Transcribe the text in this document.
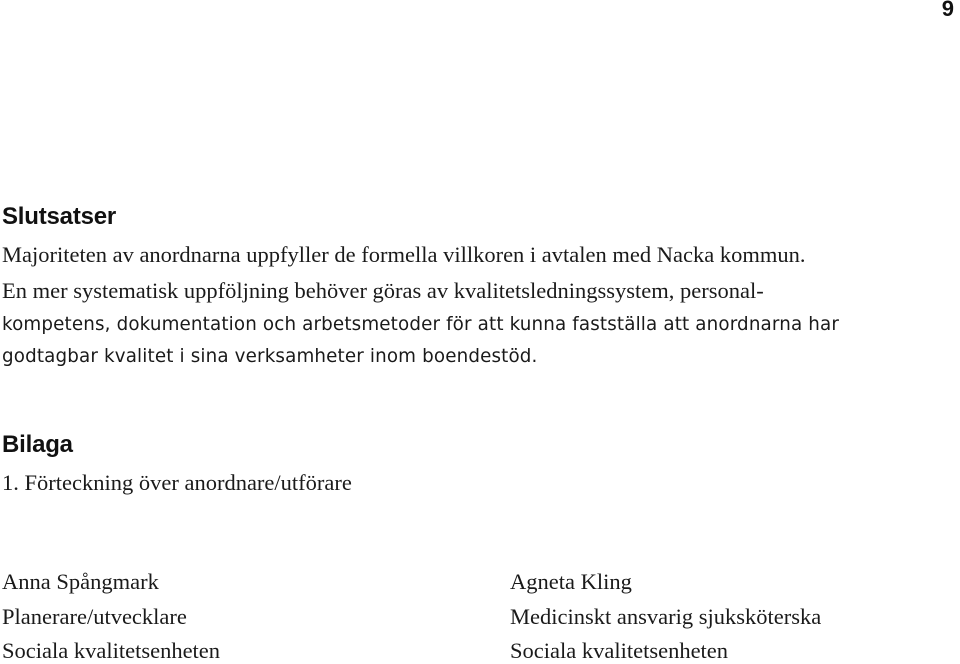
9
Slutsatser
Majoriteten av anordnarna uppfyller de formella villkoren i avtalen med Nacka kommun.
En mer systematisk uppföljning behöver göras av kvalitetsledningssystem, personal-
kompetens, dokumentation och arbetsmetoder för att kunna fastställa att anordnarna har
godtagbar kvalitet i sina verksamheter inom boendestöd.
Bilaga
1. Förteckning över anordnare/utförare
Anna Spångmark
Planerare/utvecklare
Sociala kvalitetsenheten
Agneta Kling
Medicinskt ansvarig sjuksköterska
Sociala kvalitetsenheten
